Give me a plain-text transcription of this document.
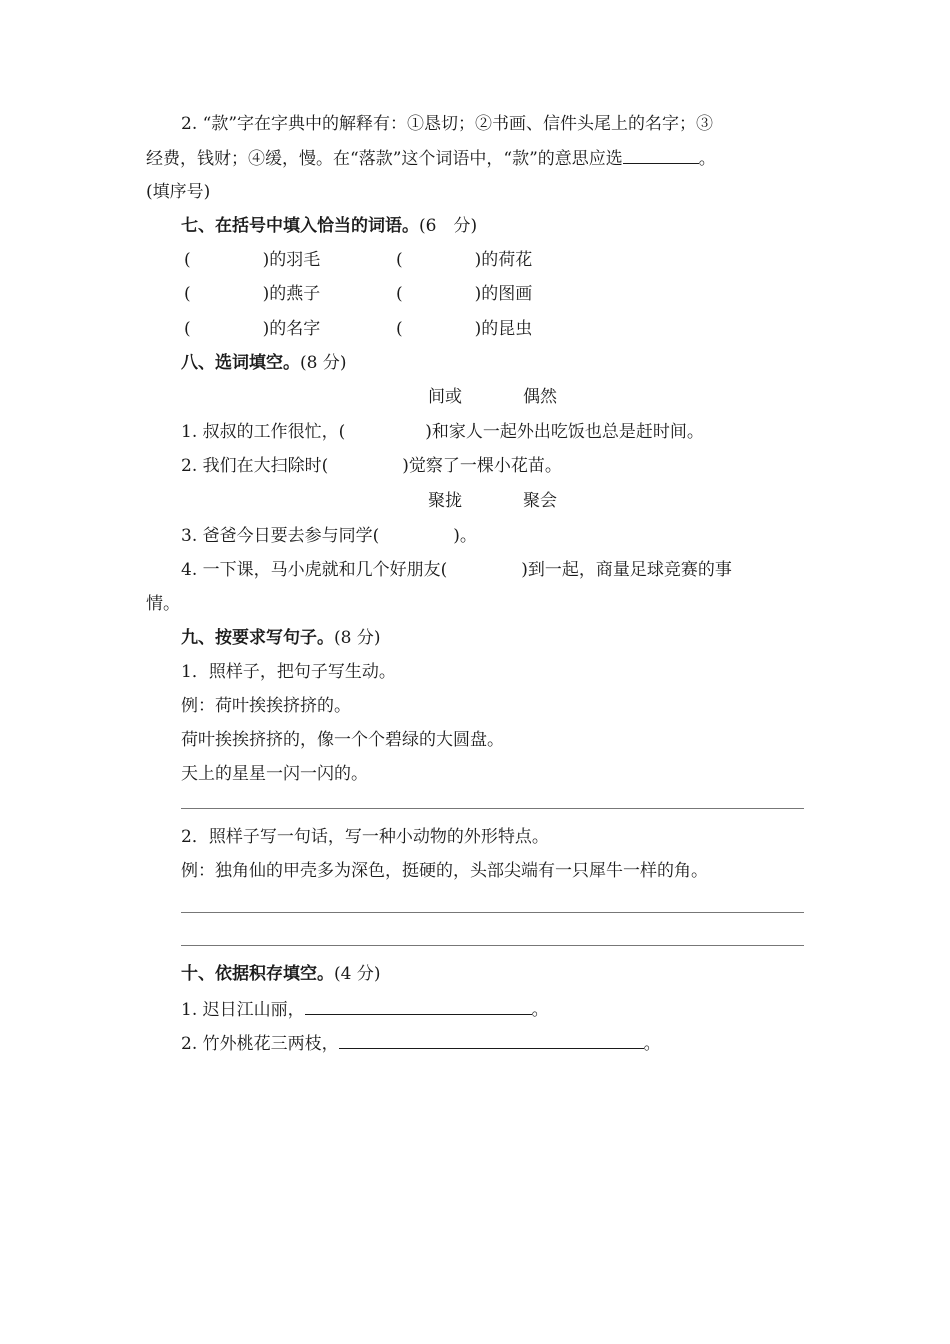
2. “款”字在字典中的解释有：①恳切；②书画、信件头尾上的名字；③
经费，钱财；④缓，慢。在“落款”这个词语中，“款”的意思应选	。
(填序号)
七、在括号中填入恰当的词语。(6　分)
(	)的羽毛	(	)的荷花
(	)的燕子	(	)的图画
(	)的名字	(	)的昆虫
八、选词填空。(8 分)
间或	偶然
1. 叔叔的工作很忙，(	)和家人一起外出吃饭也总是赶时间。
2. 我们在大扫除时(	)觉察了一棵小花苗。
聚拢	聚会
3. 爸爸今日要去参与同学(	)。
4. 一下课，马小虎就和几个好朋友(	)到一起，商量足球竞赛的事
情。
九、按要求写句子。(8 分)
1．照样子，把句子写生动。
例：荷叶挨挨挤挤的。
荷叶挨挨挤挤的，像一个个碧绿的大圆盘。
天上的星星一闪一闪的。
2．照样子写一句话，写一种小动物的外形特点。
例：独角仙的甲壳多为深色，挺硬的，头部尖端有一只犀牛一样的角。
十、依据积存填空。(4 分)
1. 迟日江山丽，	。
2. 竹外桃花三两枝，	。
